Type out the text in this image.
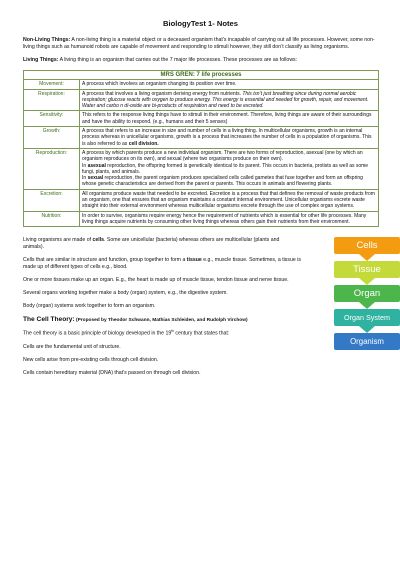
BiologyTest 1- Notes

Non-Living Things: A non-living thing is a material object or a deceased organism that’s incapable of carrying out all life processes. However, some non-living things such as humanoid robots are capable of movement and responding to stimuli however, they still don’t classify as living organisms.

Living Things: A living thing is an organism that carries out the 7 major life processes. These processes are as follows:

MRS GREN: 7 life processes	
Movement:	A process which involves an organism changing its position over time.
Respiration:	A process that involves a living organism deriving energy from nutrients. This isn’t just breathing since during normal aerobic respiration; glucose reacts with oxygen to produce energy. This energy is essential and needed for growth, repair, and movement. Water and carbo n di-oxide are bi-products of respiration and need to be excreted.
Sensitivity:	This refers to the response living things have to stimuli in their environment. Therefore, living things are aware of their surroundings and have the ability to respond. (e.g., humans and their 5 senses)
Growth:	A process that refers to an increase in size and number of cells in a living thing. In multicellular organisms, growth is an internal process whereas in unicellular organisms, growth is a process that increases the number of cells in a population of organisms. This is also referred to as cell division.
Reproduction:	A process by which parents produce a new individual organism. There are two forms of reproduction, asexual (one by which an organism reproduces on its own), and sexual (where two organisms produce on their own).
In asexual reproduction, the offspring formed is genetically identical to its parent. This occurs in bacteria, protists as well as some fungi, plants, and animals.
In sexual reproduction, the parent organism produces specialised cells called gametes that fuse together and form an offspring whose genetic characteristics are derived from the parent or parents. This occurs in animals and flowering plants.

Excretion:	All organisms produce waste that needed to be excreted. Excretion is a process that that defines the removal of waste products from an organism, one that ensures that an organism maintains a constant internal environment. Unicellular organisms excrete waste straight into their external environment whereas multicellular organisms excrete through the use of complex organ systems.
Nutrition:	In order to survive, organisms require energy hence the requirement of nutrients which is essential for other life processes. Many living things acquire nutrients by consuming other living things whereas others gain their nutrients from their environment.

Living organisms are made of cells. Some are unicellular (bacteria) whereas others are multicellular (plants and animals).

Cells that are similar in structure and function, group together to form a tissue e.g., muscle tissue. Sometimes, a tissue is made up of different types of cells e.g., blood.

One or more tissues make up an organ. E.g., the heart is made up of muscle tissue, tendon tissue and nerve tissue.

Several organs working together make a body (organ) system, e.g., the digestive system.

Body (organ) systems work together to form an organism.

The Cell Theory: (Proposed by Theodor Schwann, Mathias Schleiden, and Rudolph Virchow)

The cell theory is a basic principle of biology developed in the 19th century that states that:

Cells are the fundamental unit of structure.

New cells arise from pre-existing cells through cell division.

Cells contain hereditary material (DNA) that’s passed on through cell division.

Cells
Tissue
Organ
Organ System
Organism
